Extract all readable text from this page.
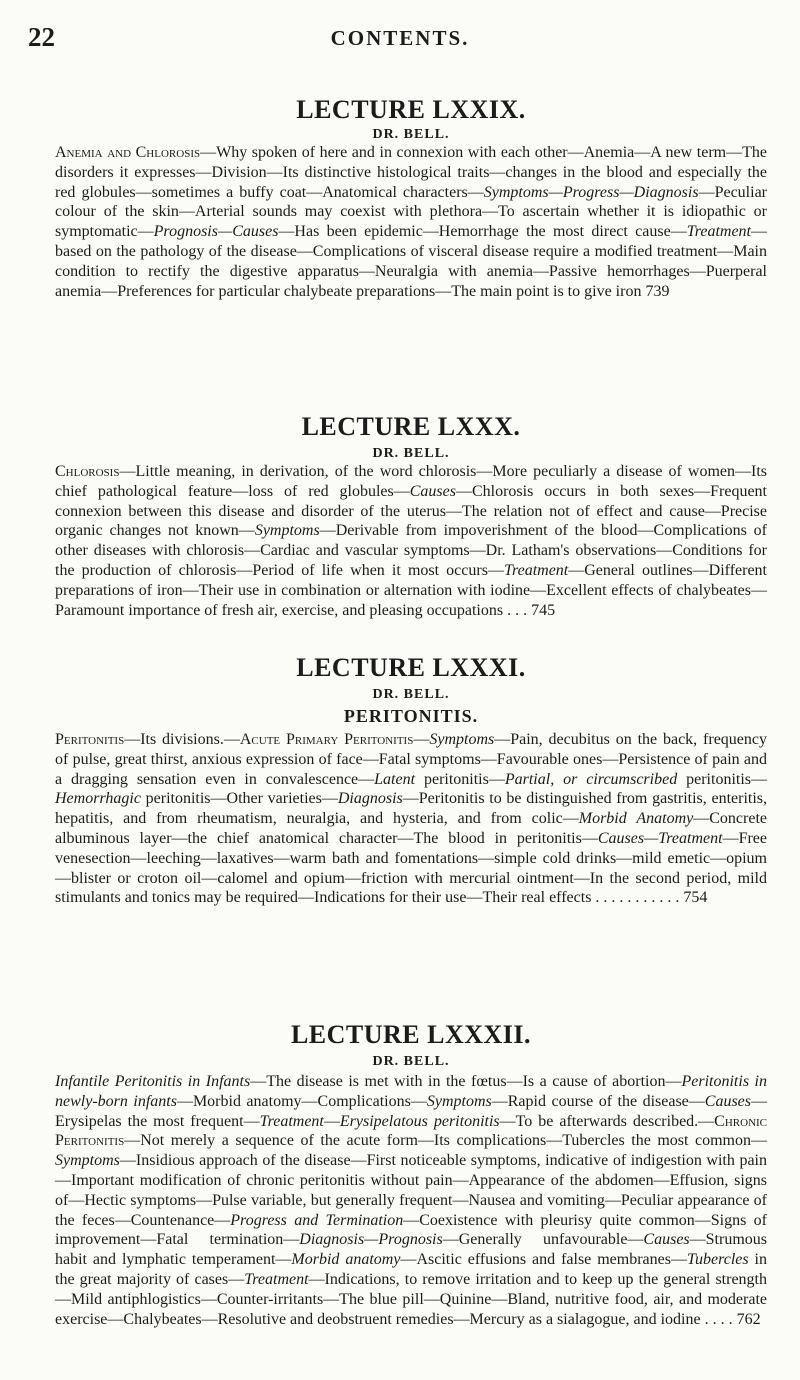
22	CONTENTS.
LECTURE LXXIX.
DR. BELL.

Anemia and Chlorosis—Why spoken of here and in connexion with each other—Anemia—A new term—The disorders it expresses—Division—Its distinctive histological traits—changes in the blood and especially the red globules—sometimes a buffy coat—Anatomical characters—Symptoms—Progress—Diagnosis—Peculiar colour of the skin—Arterial sounds may coexist with plethora—To ascertain whether it is idiopathic or symptomatic—Prognosis—Causes—Has been epidemic—Hemorrhage the most direct cause—Treatment—based on the pathology of the disease—Complications of visceral disease require a modified treatment—Main condition to rectify the digestive apparatus—Neuralgia with anemia—Passive hemorrhages—Puerperal anemia—Preferences for particular chalybeate preparations—The main point is to give iron 739

LECTURE LXXX.
DR. BELL.

Chlorosis—Little meaning, in derivation, of the word chlorosis—More peculiarly a disease of women—Its chief pathological feature—loss of red globules—Causes—Chlorosis occurs in both sexes—Frequent connexion between this disease and disorder of the uterus—The relation not of effect and cause—Precise organic changes not known—Symptoms—Derivable from impoverishment of the blood—Complications of other diseases with chlorosis—Cardiac and vascular symptoms—Dr. Latham's observations—Conditions for the production of chlorosis—Period of life when it most occurs—Treatment—General outlines—Different preparations of iron—Their use in combination or alternation with iodine—Excellent effects of chalybeates—Paramount importance of fresh air, exercise, and pleasing occupations . . . 745

LECTURE LXXXI.
DR. BELL.
PERITONITIS.

Peritonitis—Its divisions.—Acute Primary Peritonitis—Symptoms—Pain, decubitus on the back, frequency of pulse, great thirst, anxious expression of face—Fatal symptoms—Favourable ones—Persistence of pain and a dragging sensation even in convalescence—Latent peritonitis—Partial, or circumscribed peritonitis—Hemorrhagic peritonitis—Other varieties—Diagnosis—Peritonitis to be distinguished from gastritis, enteritis, hepatitis, and from rheumatism, neuralgia, and hysteria, and from colic—Morbid Anatomy—Concrete albuminous layer—the chief anatomical character—The blood in peritonitis—Causes—Treatment—Free venesection—leeching—laxatives—warm bath and fomentations—simple cold drinks—mild emetic—opium—blister or croton oil—calomel and opium—friction with mercurial ointment—In the second period, mild stimulants and tonics may be required—Indications for their use—Their real effects . . . . . . . . . . . 754

LECTURE LXXXII.
DR. BELL.

Infantile Peritonitis in Infants—The disease is met with in the fœtus—Is a cause of abortion—Peritonitis in newly-born infants—Morbid anatomy—Complications—Symptoms—Rapid course of the disease—Causes—Erysipelas the most frequent—Treatment—Erysipelatous peritonitis—To be afterwards described.—Chronic Peritonitis—Not merely a sequence of the acute form—Its complications—Tubercles the most common—Symptoms—Insidious approach of the disease—First noticeable symptoms, indicative of indigestion with pain—Important modification of chronic peritonitis without pain—Appearance of the abdomen—Effusion, signs of—Hectic symptoms—Pulse variable, but generally frequent—Nausea and vomiting—Peculiar appearance of the feces—Countenance—Progress and Termination—Coexistence with pleurisy quite common—Signs of improvement—Fatal termination—Diagnosis—Prognosis—Generally unfavourable—Causes—Strumous habit and lymphatic temperament—Morbid anatomy—Ascitic effusions and false membranes—Tubercles in the great majority of cases—Treatment—Indications, to remove irritation and to keep up the general strength—Mild antiphlogistics—Counter-irritants—The blue pill—Quinine—Bland, nutritive food, air, and moderate exercise—Chalybeates—Resolutive and deobstruent remedies—Mercury as a sialagogue, and iodine . . . . 762
